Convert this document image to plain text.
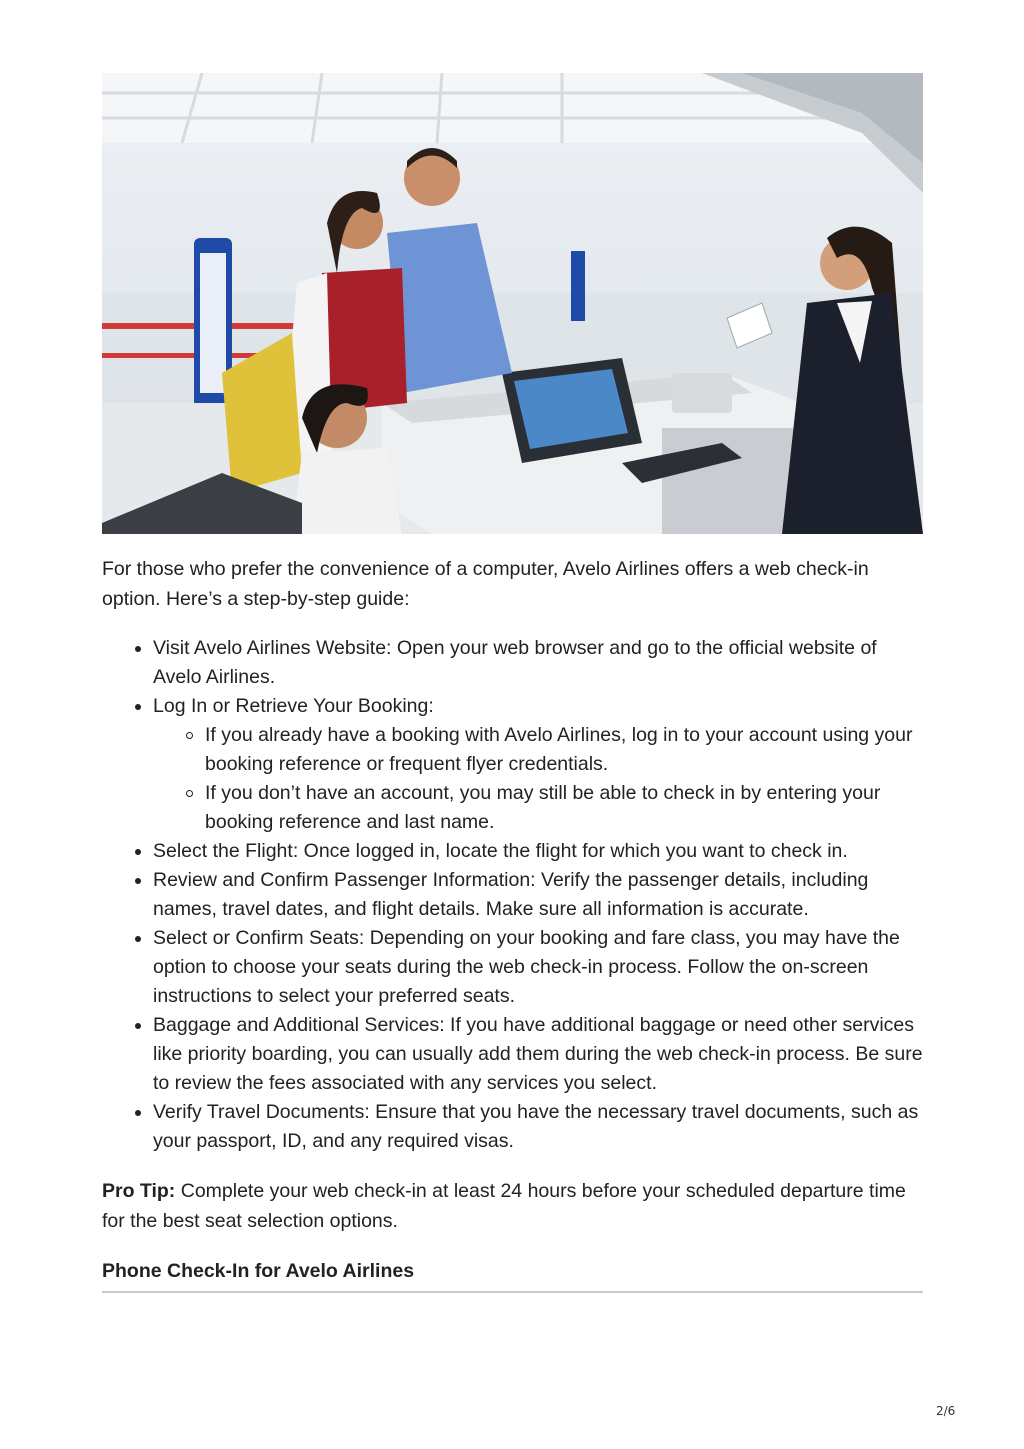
For those who prefer the convenience of a computer, Avelo Airlines offers a web check-in option. Here’s a step-by-step guide:

Visit Avelo Airlines Website: Open your web browser and go to the official website of Avelo Airlines.
Log In or Retrieve Your Booking:
If you already have a booking with Avelo Airlines, log in to your account using your booking reference or frequent flyer credentials.
If you don’t have an account, you may still be able to check in by entering your booking reference and last name.
Select the Flight: Once logged in, locate the flight for which you want to check in.
Review and Confirm Passenger Information: Verify the passenger details, including names, travel dates, and flight details. Make sure all information is accurate.
Select or Confirm Seats: Depending on your booking and fare class, you may have the option to choose your seats during the web check-in process. Follow the on-screen instructions to select your preferred seats.
Baggage and Additional Services: If you have additional baggage or need other services like priority boarding, you can usually add them during the web check-in process. Be sure to review the fees associated with any services you select.
Verify Travel Documents: Ensure that you have the necessary travel documents, such as your passport, ID, and any required visas.

Pro Tip: Complete your web check-in at least 24 hours before your scheduled departure time for the best seat selection options.

Phone Check-In for Avelo Airlines
2/6
